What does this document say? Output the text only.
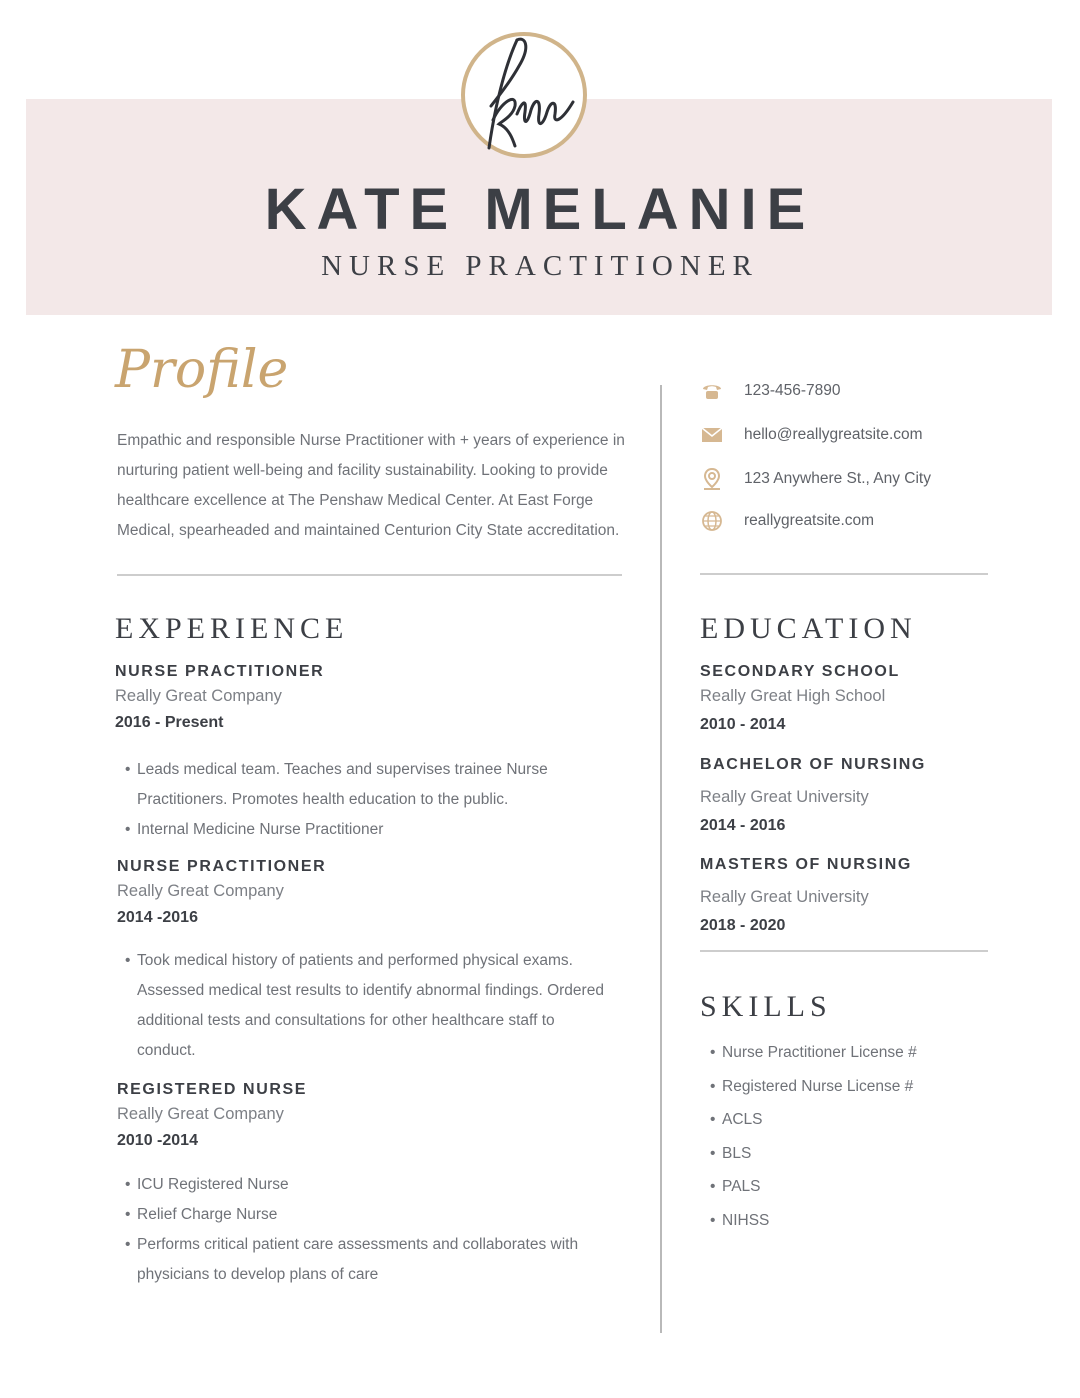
KATE MELANIE
NURSE PRACTITIONER
Profile
Empathic and responsible Nurse Practitioner with + years of experience in nurturing patient well-being and facility sustainability. Looking to provide healthcare excellence at The Penshaw Medical Center. At East Forge Medical, spearheaded and maintained Centurion City State accreditation.
123-456-7890
hello@reallygreatsite.com
123 Anywhere St., Any City
reallygreatsite.com
EXPERIENCE
NURSE PRACTITIONER
Really Great Company
2016 - Present
• Leads medical team. Teaches and supervises trainee Nurse Practitioners. Promotes health education to the public.
• Internal Medicine Nurse Practitioner
NURSE PRACTITIONER
Really Great Company
2014 -2016
• Took medical history of patients and performed physical exams. Assessed medical test results to identify abnormal findings. Ordered additional tests and consultations for other healthcare staff to conduct.
REGISTERED NURSE
Really Great Company
2010 -2014
• ICU Registered Nurse
• Relief Charge Nurse
• Performs critical patient care assessments and collaborates with physicians to develop plans of care
EDUCATION
SECONDARY SCHOOL
Really Great High School
2010 - 2014
BACHELOR OF NURSING
Really Great University
2014 - 2016
MASTERS OF NURSING
Really Great University
2018 - 2020
SKILLS
• Nurse Practitioner License #
• Registered Nurse License #
• ACLS
• BLS
• PALS
• NIHSS
